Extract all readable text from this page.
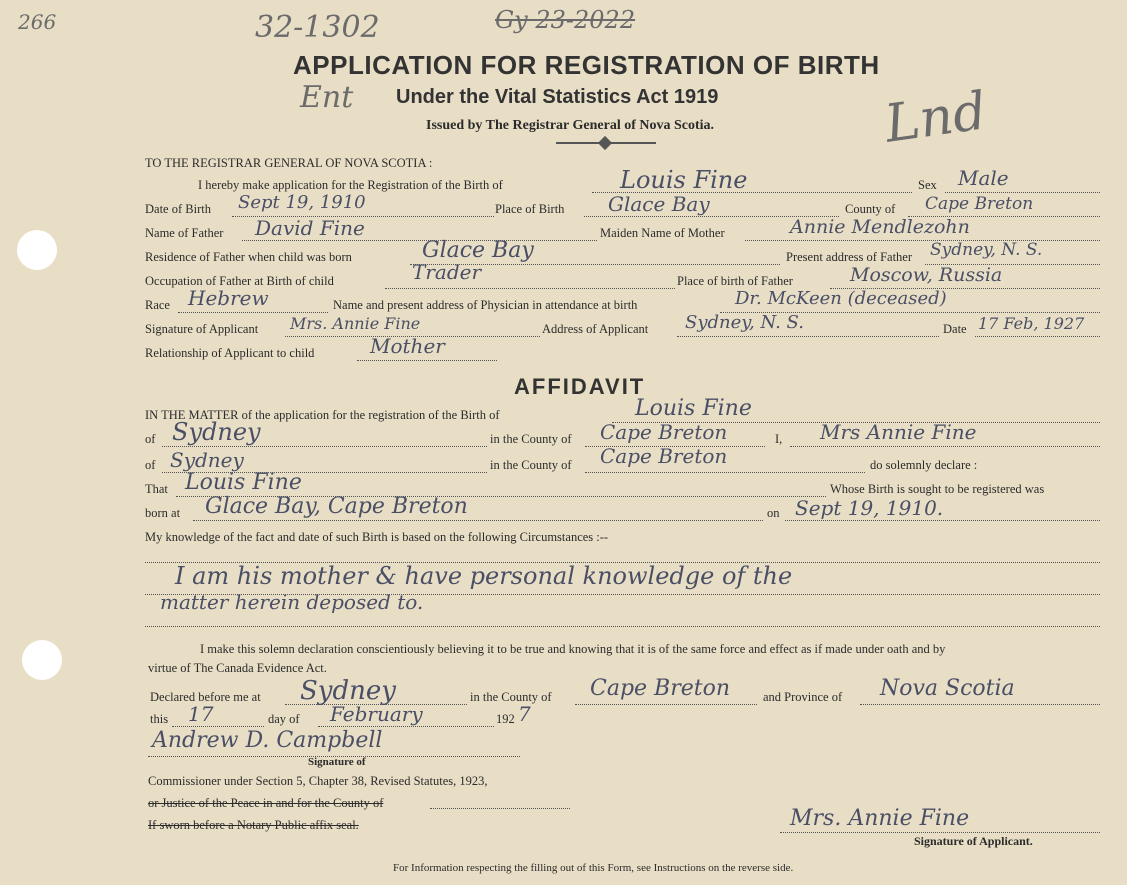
266	32-1302	Gy 23-2022
Ent	Lnd
APPLICATION FOR REGISTRATION OF BIRTH
Under the Vital Statistics Act 1919
Issued by The Registrar General of Nova Scotia.
TO THE REGISTRAR GENERAL OF NOVA SCOTIA :
I hereby make application for the Registration of the Birth of	Louis Fine	Sex Male
Date of Birth Sept 19, 1910	Place of Birth Glace Bay	County of Cape Breton
Name of Father David Fine	Maiden Name of Mother	Annie Mendlezohn
Residence of Father when child was born	Glace Bay	Present address of Father Sydney, N. S.
Occupation of Father at Birth of child	Trader	Place of birth of Father	Moscow, Russia
Race Hebrew	Name and present address of Physician in attendance at birth	Dr. McKeen (deceased)
Signature of Applicant Mrs. Annie Fine	Address of Applicant Sydney, N. S.	Date 17 Feb, 1927
Relationship of Applicant to child	Mother
AFFIDAVIT
IN THE MATTER of the application for the registration of the Birth of	Louis Fine
of Sydney	in the County of Cape Breton	I, Mrs Annie Fine
of Sydney	in the County of Cape Breton	do solemnly declare :
That Louis Fine	Whose Birth is sought to be registered was
born at Glace Bay, Cape Breton	on Sept 19, 1910.
My knowledge of the fact and date of such Birth is based on the following Circumstances :--
I am his mother & have personal knowledge of the
matter herein deposed to.
I make this solemn declaration conscientiously believing it to be true and knowing that it is of the same force and effect as if made under oath and by
virtue of The Canada Evidence Act.
Declared before me at Sydney	in the County of Cape Breton	and Province of Nova Scotia
this 17	day of February	192 7
Andrew D. Campbell
Signature of
Commissioner under Section 5, Chapter 38, Revised Statutes, 1923,
or Justice of the Peace in and for the County of
If sworn before a Notary Public affix seal.	Mrs. Annie Fine
Signature of Applicant.
For Information respecting the filling out of this Form, see Instructions on the reverse side.
